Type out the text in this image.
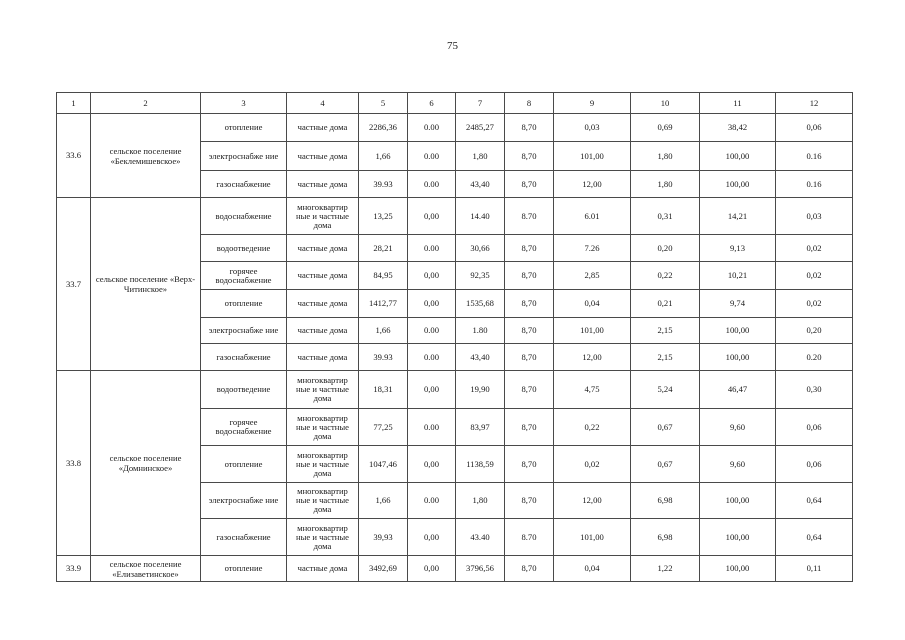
75
1	2	3	4	5	6	7	8	9	10	11	12
33.6	сельское поселение «Беклемишевское»	отопление	частные дома	2286,36	0.00	2485,27	8,70	0,03	0,69	38,42	0,06
		электроснабже ние	частные дома	1,66	0.00	1,80	8,70	101,00	1,80	100,00	0.16
		газоснабжение	частные дома	39.93	0.00	43,40	8,70	12,00	1,80	100,00	0.16
33.7	сельское поселение «Верх-Читинское»	водоснабжение	многоквартир ные и частные дома	13,25	0,00	14.40	8.70	6.01	0,31	14,21	0,03
		водоотведение	частные дома	28,21	0.00	30,66	8,70	7.26	0,20	9,13	0,02
		горячее водоснабжение	частные дома	84,95	0,00	92,35	8,70	2,85	0,22	10,21	0,02
		отопление	частные дома	1412,77	0,00	1535,68	8,70	0,04	0,21	9,74	0,02
		электроснабже ние	частные дома	1,66	0.00	1.80	8,70	101,00	2,15	100,00	0,20
		газоснабжение	частные дома	39.93	0.00	43,40	8,70	12,00	2,15	100,00	0.20
33.8	сельское поселение «Домнинское»	водоотведение	многоквартир ные и частные дома	18,31	0,00	19,90	8,70	4,75	5,24	46,47	0,30
		горячее водоснабжение	многоквартир ные и частные дома	77,25	0.00	83,97	8,70	0,22	0,67	9,60	0,06
		отопление	многоквартир ные и частные дома	1047,46	0,00	1138,59	8,70	0,02	0,67	9,60	0,06
		электроснабже ние	многоквартир ные и частные дома	1,66	0.00	1,80	8,70	12,00	6,98	100,00	0,64
		газоснабжение	многоквартир ные и частные дома	39,93	0,00	43.40	8.70	101,00	6,98	100,00	0,64
33.9	сельское поселение «Елизаветинское»	отопление	частные дома	3492,69	0,00	3796,56	8,70	0,04	1,22	100,00	0,11
